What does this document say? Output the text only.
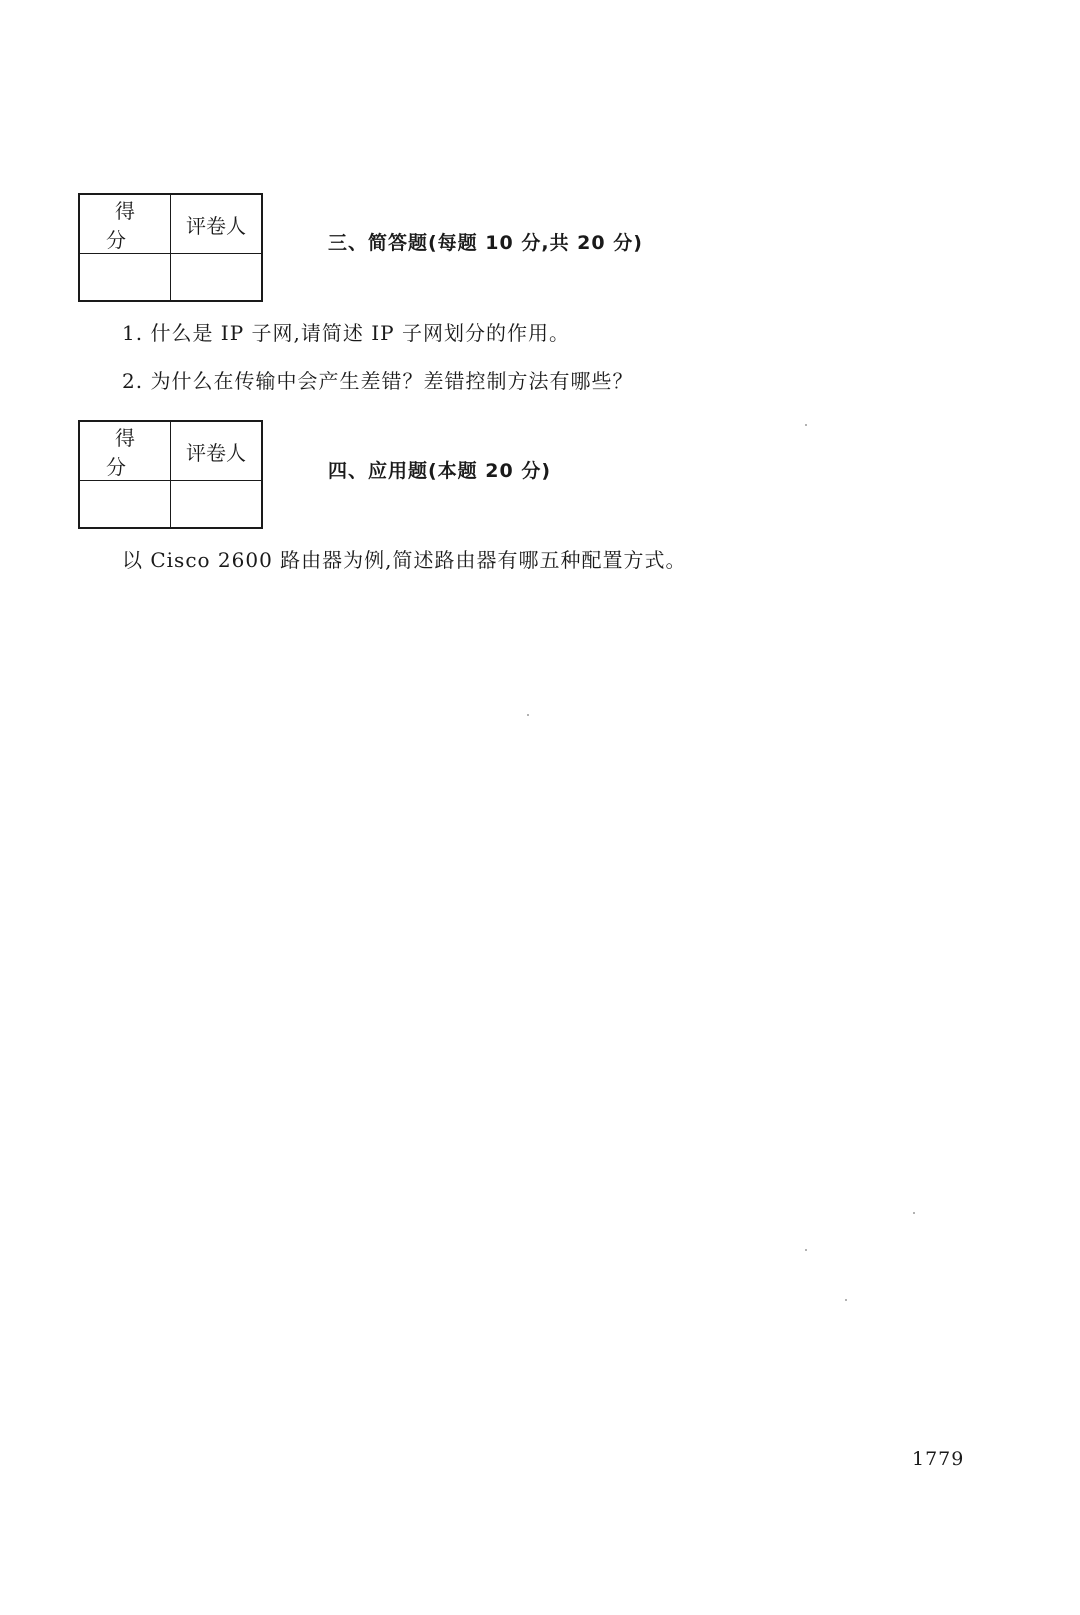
得 分	评卷人

三、简答题(每题 10 分,共 20 分)
1. 什么是 IP 子网,请简述 IP 子网划分的作用。
2. 为什么在传输中会产生差错？差错控制方法有哪些？
得 分	评卷人

四、应用题(本题 20 分)
以 Cisco 2600 路由器为例,简述路由器有哪五种配置方式。
1779
